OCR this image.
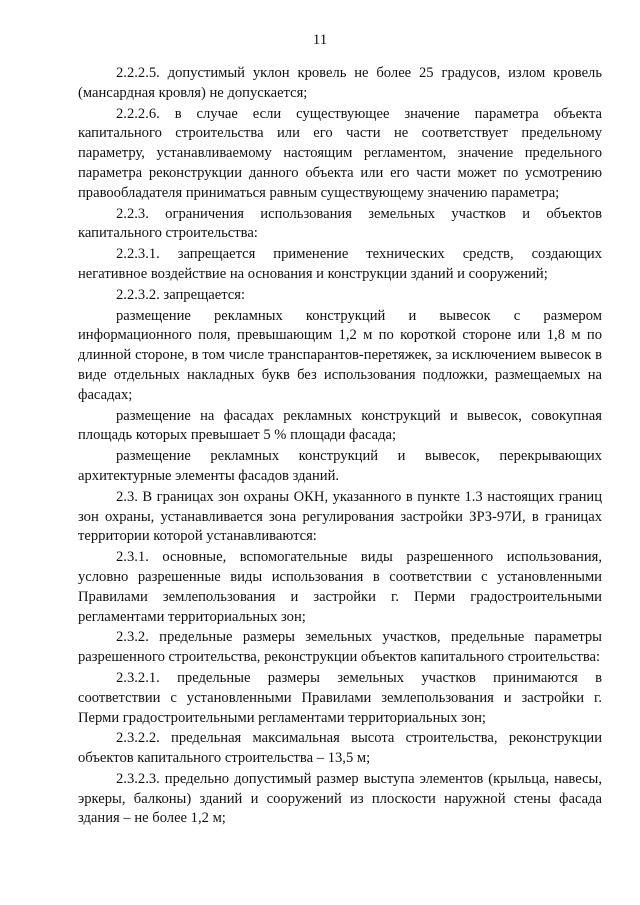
11

2.2.2.5. допустимый уклон кровель не более 25 градусов, излом кровель (мансардная кровля) не допускается;

2.2.2.6. в случае если существующее значение параметра объекта капитального строительства или его части не соответствует предельному параметру, устанавливаемому настоящим регламентом, значение предельного параметра реконструкции данного объекта или его части может по усмотрению правообладателя приниматься равным существующему значению параметра;

2.2.3. ограничения использования земельных участков и объектов капитального строительства:

2.2.3.1. запрещается применение технических средств, создающих негативное воздействие на основания и конструкции зданий и сооружений;

2.2.3.2. запрещается:

размещение рекламных конструкций и вывесок с размером информационного поля, превышающим 1,2 м по короткой стороне или 1,8 м по длинной стороне, в том числе транспарантов-перетяжек, за исключением вывесок в виде отдельных накладных букв без использования подложки, размещаемых на фасадах;

размещение на фасадах рекламных конструкций и вывесок, совокупная площадь которых превышает 5 % площади фасада;

размещение рекламных конструкций и вывесок, перекрывающих архитектурные элементы фасадов зданий.

2.3. В границах зон охраны ОКН, указанного в пункте 1.3 настоящих границ зон охраны, устанавливается зона регулирования застройки ЗРЗ-97И, в границах территории которой устанавливаются:

2.3.1. основные, вспомогательные виды разрешенного использования, условно разрешенные виды использования в соответствии с установленными Правилами землепользования и застройки г. Перми градостроительными регламентами территориальных зон;

2.3.2. предельные размеры земельных участков, предельные параметры разрешенного строительства, реконструкции объектов капитального строительства:

2.3.2.1. предельные размеры земельных участков принимаются в соответствии с установленными Правилами землепользования и застройки г. Перми градостроительными регламентами территориальных зон;

2.3.2.2. предельная максимальная высота строительства, реконструкции объектов капитального строительства – 13,5 м;

2.3.2.3. предельно допустимый размер выступа элементов (крыльца, навесы, эркеры, балконы) зданий и сооружений из плоскости наружной стены фасада здания – не более 1,2 м;
